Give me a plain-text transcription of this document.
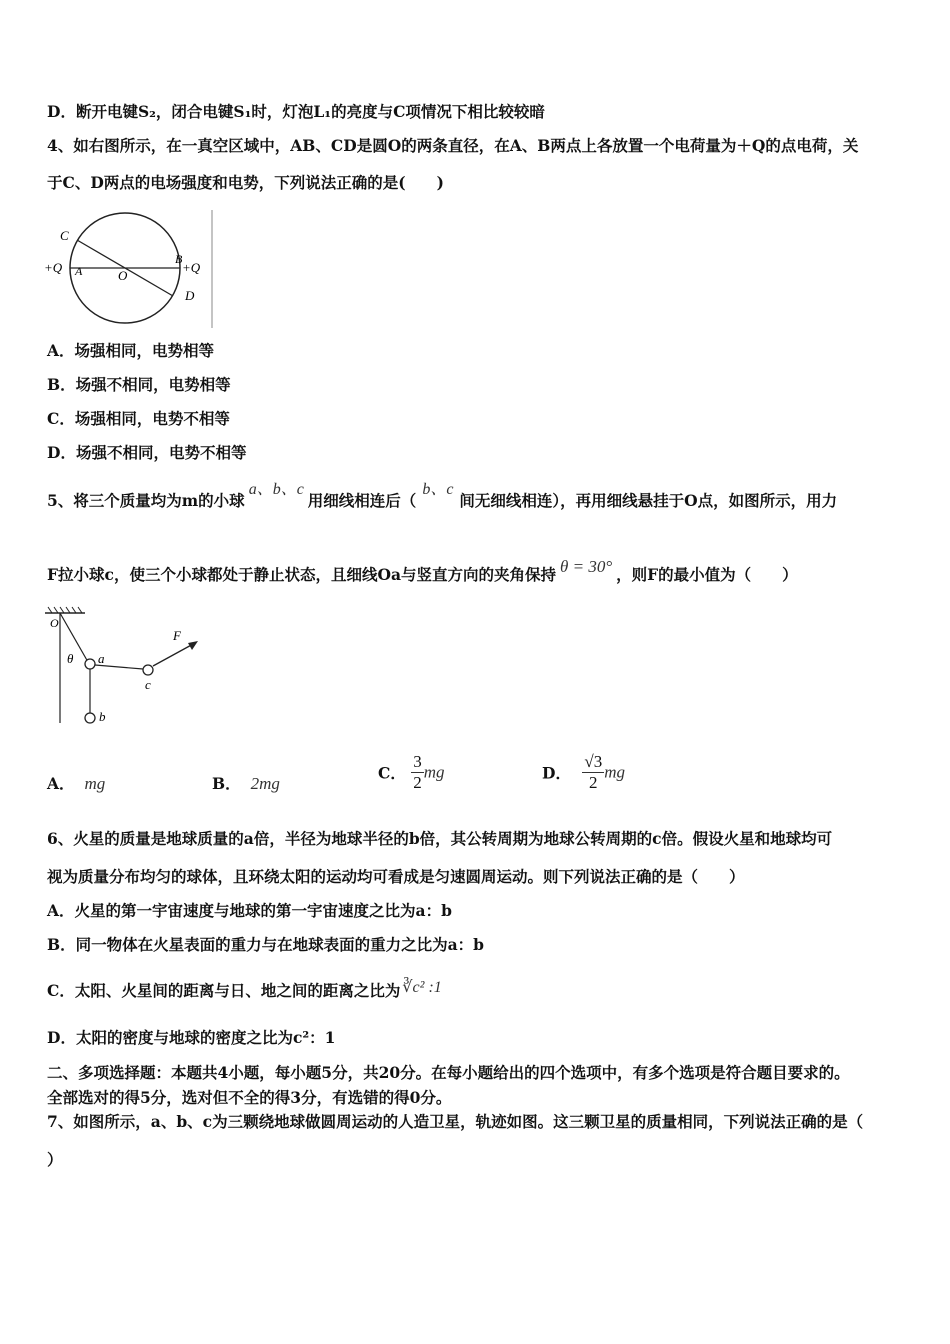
D．断开电键S₂，闭合电键S₁时，灯泡L₁的亮度与C项情况下相比较较暗
4、如右图所示，在一真空区域中，AB、CD是圆O的两条直径，在A、B两点上各放置一个电荷量为＋Q的点电荷，关
于C、D两点的电场强度和电势，下列说法正确的是(　　)
C
+Q A	O
B
+Q
D
A．场强相同，电势相等
B．场强不相同，电势相等
C．场强相同，电势不相等
D．场强不相同，电势不相等
5、将三个质量均为m的小球a、b、c用细线相连后（b、c间无细线相连），再用细线悬挂于O点，如图所示，用力
F拉小球c，使三个小球都处于静止状态，且细线Oa与竖直方向的夹角保持 θ = 30° ，则F的最小值为（　　）
O
θ a
b
c
F
A． mg	B． 2mg
C． $\frac{3}{2}$ mg	D． $\frac{√3}{2}$ mg
6、火星的质量是地球质量的a倍，半径为地球半径的b倍，其公转周期为地球公转周期的c倍。假设火星和地球均可
视为质量分布均匀的球体，且环绕太阳的运动均可看成是匀速圆周运动。则下列说法正确的是（　　）
A．火星的第一宇宙速度与地球的第一宇宙速度之比为a：b
B．同一物体在火星表面的重力与在地球表面的重力之比为a：b
C．太阳、火星间的距离与日、地之间的距离之比为 ∛c² :1
D．太阳的密度与地球的密度之比为c²：1
二、多项选择题：本题共4小题，每小题5分，共20分。在每小题给出的四个选项中，有多个选项是符合题目要求的。
全部选对的得5分，选对但不全的得3分，有选错的得0分。
7、如图所示，a、b、c为三颗绕地球做圆周运动的人造卫星，轨迹如图。这三颗卫星的质量相同，下列说法正确的是（
）
